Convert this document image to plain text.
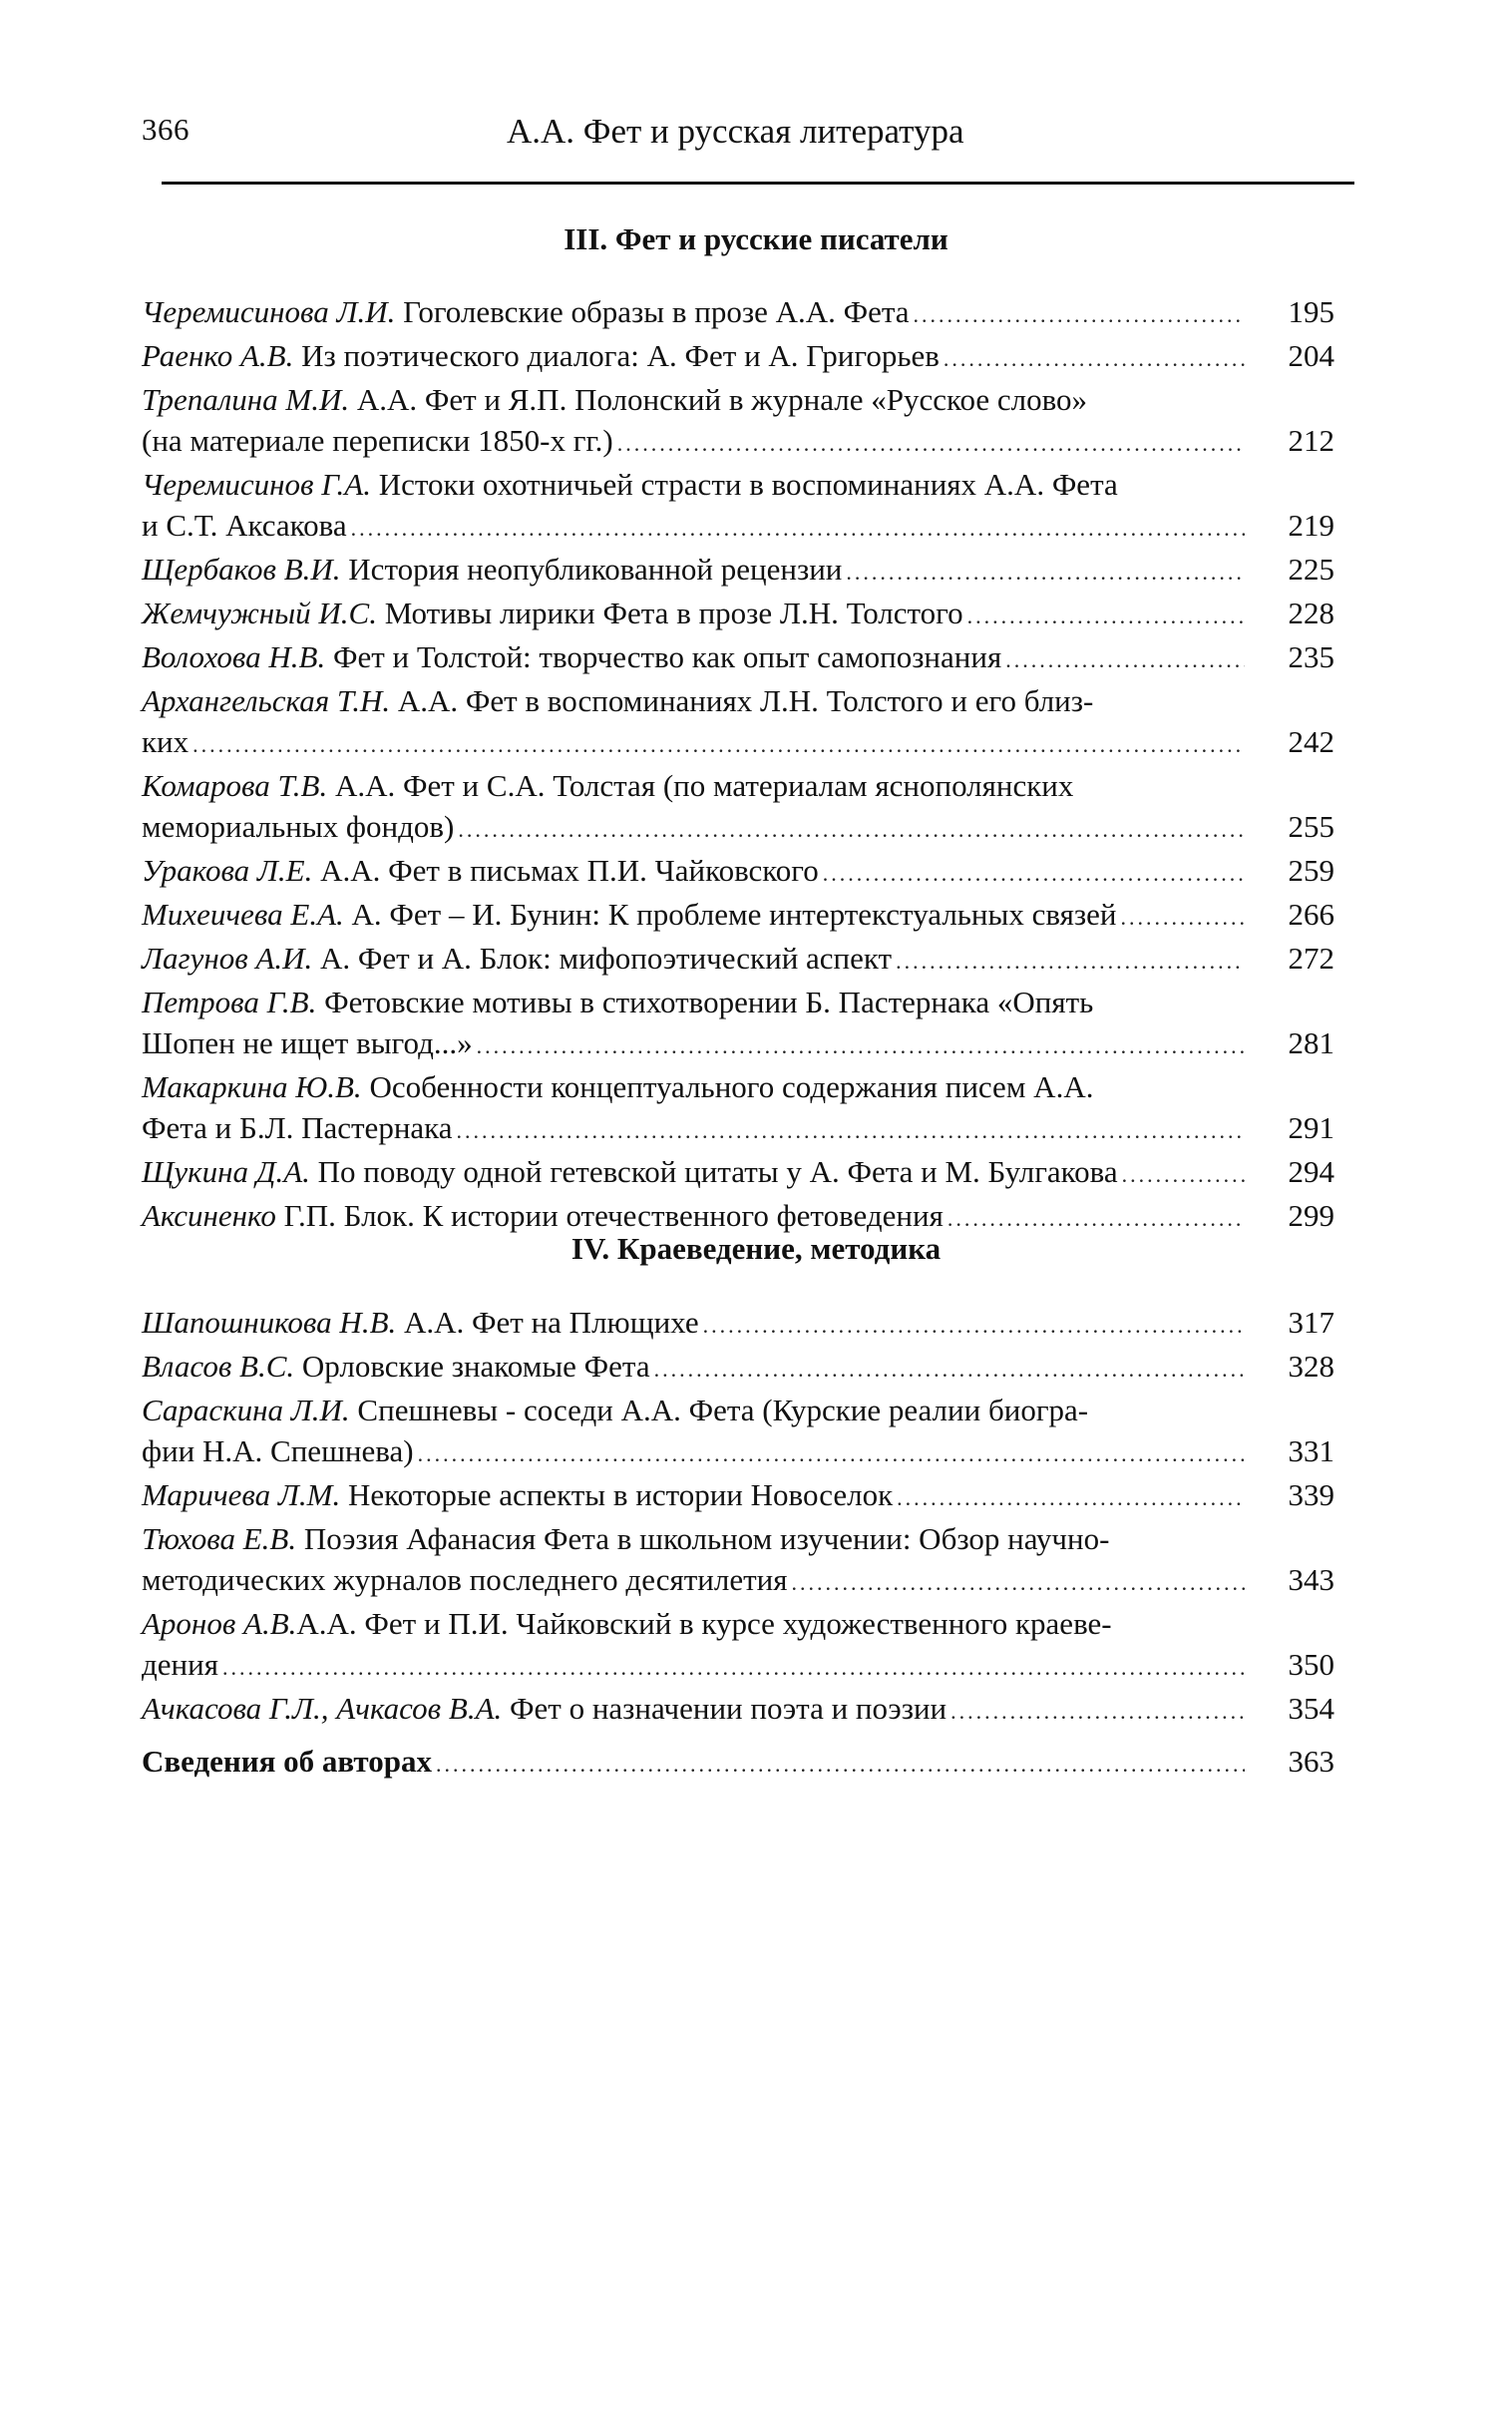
366	А.А. Фет и русская литература
III. Фет и русские писатели
Черемисинова Л.И. Гоголевские образы в прозе А.А. Фета .....	195
Раенко А.В. Из поэтического диалога: А. Фет и А. Григорьев .....	204
Трепалина М.И. А.А. Фет и Я.П. Полонский в журнале «Русское слово»
(на материале переписки 1850-х гг.) .....	212
Черемисинов Г.А. Истоки охотничьей страсти в воспоминаниях А.А. Фета
и С.Т. Аксакова .....	219
Щербаков В.И. История неопубликованной рецензии .....	225
Жемчужный И.С. Мотивы лирики Фета в прозе Л.Н. Толстого .....	228
Волохова Н.В. Фет и Толстой: творчество как опыт самопознания .....	235
Архангельская Т.Н. А.А. Фет в воспоминаниях Л.Н. Толстого и его близ-
ких .....	242
Комарова Т.В. А.А. Фет и С.А. Толстая (по материалам яснополянских
мемориальных фондов) .....	255
Уракова Л.Е. А.А. Фет в письмах П.И. Чайковского .....	259
Михеичева Е.А. А. Фет – И. Бунин: К проблеме интертекстуальных связей .....	266
Лагунов А.И. А. Фет и А. Блок: мифопоэтический аспект .....	272
Петрова Г.В. Фетовские мотивы в стихотворении Б. Пастернака «Опять
Шопен не ищет выгод...» .....	281
Макаркина Ю.В. Особенности концептуального содержания писем А.А.
Фета и Б.Л. Пастернака .....	291
Щукина Д.А. По поводу одной гетевской цитаты у А. Фета и М. Булгакова .....	294
Аксиненко Г.П. Блок. К истории отечественного фетоведения .....	299
IV. Краеведение, методика
Шапошникова Н.В. А.А. Фет на Плющихе .....	317
Власов В.С. Орловские знакомые Фета .....	328
Сараскина Л.И. Спешневы - соседи А.А. Фета (Курские реалии биогра-
фии Н.А. Спешнева) .....	331
Маричева Л.М. Некоторые аспекты в истории Новоселок .....	339
Тюхова Е.В. Поэзия Афанасия Фета в школьном изучении: Обзор научно-
методических журналов последнего десятилетия .....	343
Аронов А.В.А.А. Фет и П.И. Чайковский в курсе художественного краеве-
дения .....	350
Ачкасова Г.Л., Ачкасов В.А. Фет о назначении поэта и поэзии .....	354
Сведения об авторах .....	363
